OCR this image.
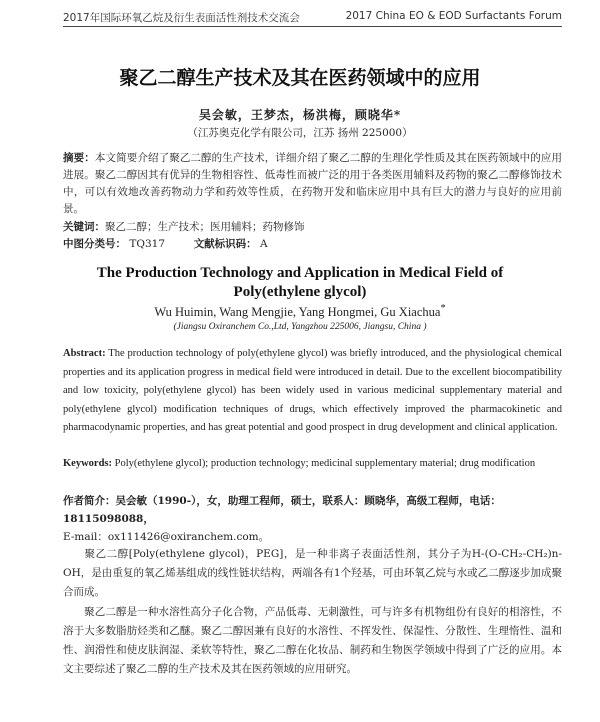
2017年国际环氧乙烷及衍生表面活性剂技术交流会	2017 China EO & EOD Surfactants Forum
聚乙二醇生产技术及其在医药领域中的应用
吴会敏，王梦杰，杨洪梅，顾晓华*
（江苏奥克化学有限公司，江苏 扬州 225000）
摘要：本文简要介绍了聚乙二醇的生产技术，详细介绍了聚乙二醇的生理化学性质及其在医药领域中的应用进展。聚乙二醇因其有优异的生物相容性、低毒性而被广泛的用于各类医用辅料及药物的聚乙二醇修饰技术中，可以有效地改善药物动力学和药效等性质，在药物开发和临床应用中具有巨大的潜力与良好的应用前景。
关键词：聚乙二醇；生产技术；医用辅料；药物修饰
中图分类号： TQ317	文献标识码： A
The Production Technology and Application in Medical Field of
Poly(ethylene glycol)
Wu Huimin, Wang Mengjie, Yang Hongmei, Gu Xiachua*
(Jiangsu Oxiranchem Co.,Ltd, Yangzhou 225006, Jiangsu, China )
Abstract: The production technology of poly(ethylene glycol) was briefly introduced, and the physiological chemical properties and its application progress in medical field were introduced in detail. Due to the excellent biocompatibility and low toxicity, poly(ethylene glycol) has been widely used in various medicinal supplementary material and poly(ethylene glycol) modification techniques of drugs, which effectively improved the pharmacokinetic and pharmacodynamic properties, and has great potential and good prospect in drug development and clinical application.
Keywords: Poly(ethylene glycol); production technology; medicinal supplementary material; drug modification
作者简介：吴会敏（1990-），女，助理工程师，硕士，联系人：顾晓华，高级工程师，电话：18115098088，
E-mail：ox111426@oxiranchem.com。
聚乙二醇[Poly(ethylene glycol)，PEG]，是一种非离子表面活性剂，其分子为H-(O-CH₂-CH₂)n-OH，是由重复的氧乙烯基组成的线性链状结构，两端各有1个羟基，可由环氧乙烷与水或乙二醇逐步加成聚合而成。
聚乙二醇是一种水溶性高分子化合物，产品低毒、无刺激性，可与许多有机物组份有良好的相溶性，不溶于大多数脂肪烃类和乙醚。聚乙二醇因兼有良好的水溶性、不挥发性、保湿性、分散性、生理惰性、温和性、润滑性和使皮肤润湿、柔软等特性，聚乙二醇在化妆品、制药和生物医学领域中得到了广泛的应用。本文主要综述了聚乙二醇的生产技术及其在医药领域的应用研究。
